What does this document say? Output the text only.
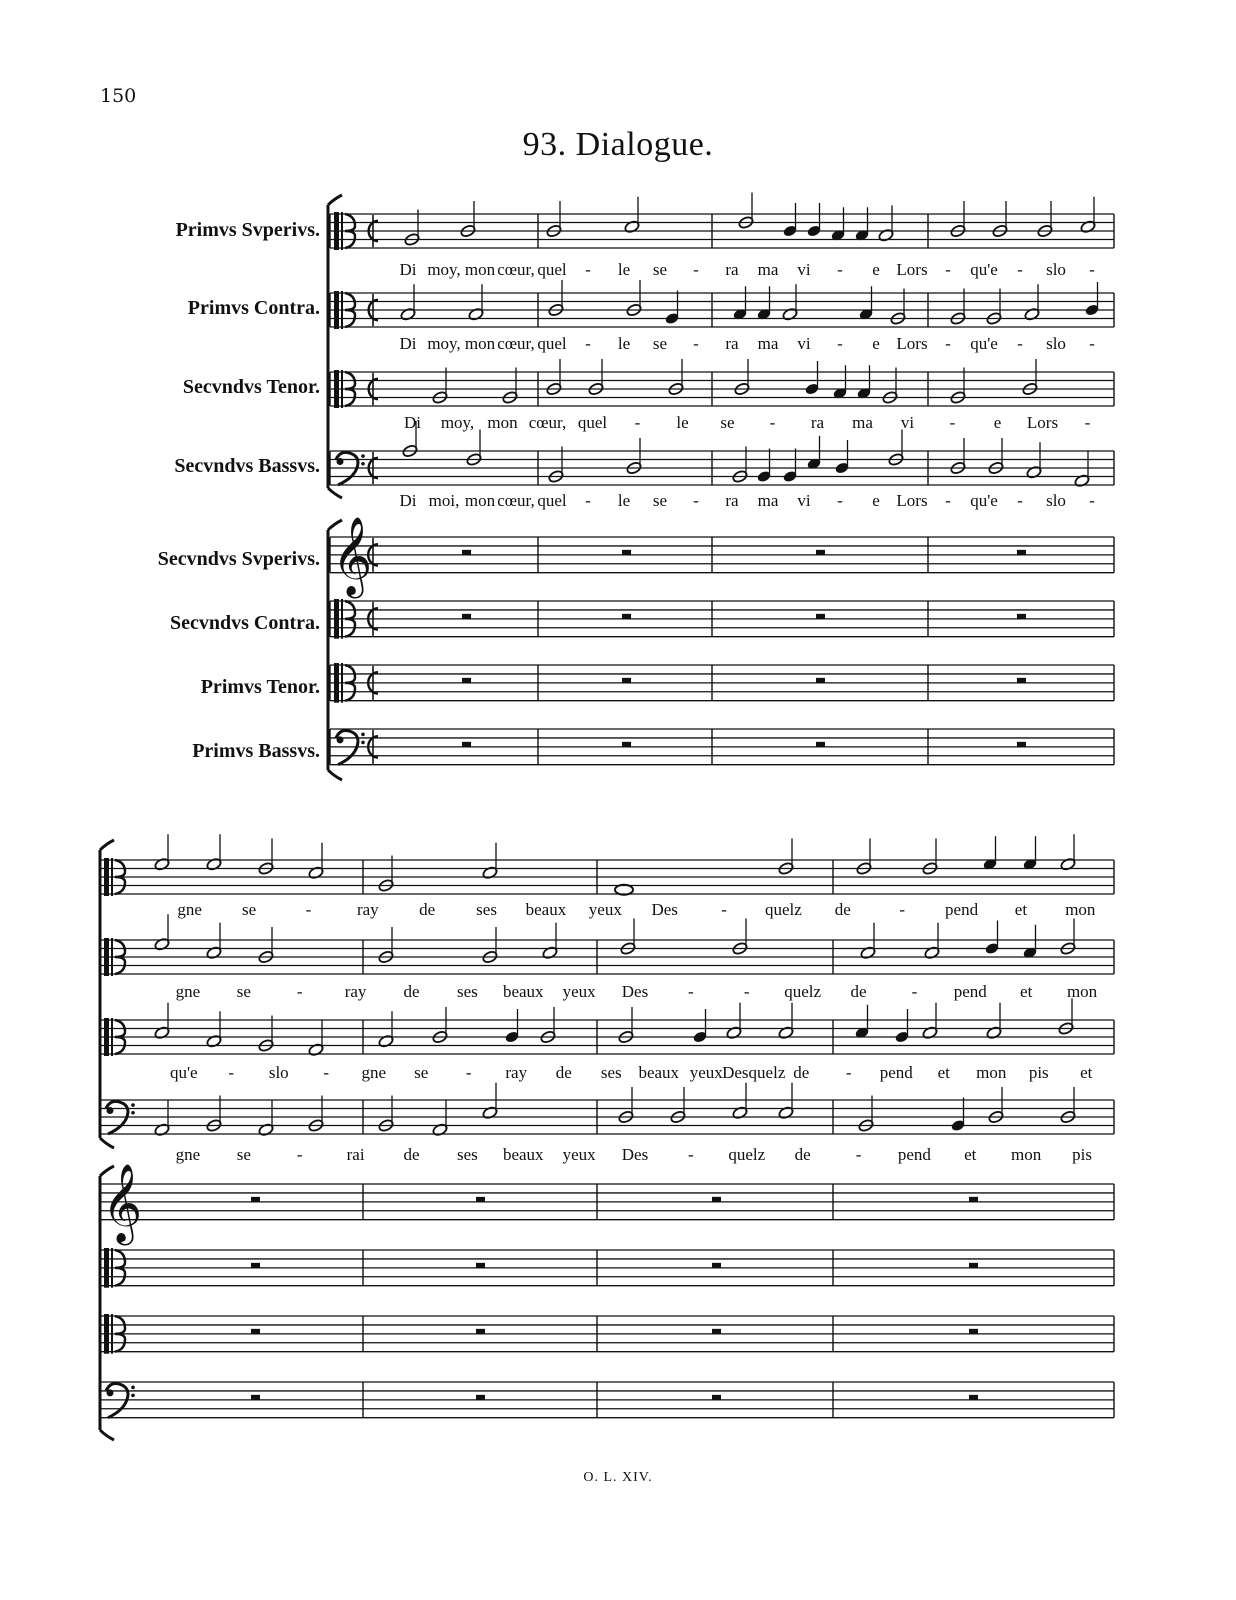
150
93. Dialogue.
Primvs Svperivs.
Primvs Contra.
Secvndvs Tenor.
Secvndvs Bassvs.
Secvndvs Svperivs.
Secvndvs Contra.
Primvs Tenor.
Primvs Bassvs.
𝄞
𝄞
Di moy, mon cœur, quel - le se - ra ma vi - e Lors - qu'e - slo -
Di moy, mon cœur, quel - le se - ra ma vi - e Lors - qu'e - slo -
Di moy, mon cœur, quel - le se - ra ma vi - e Lors -
Di moi, mon cœur, quel - le se - ra ma vi - e Lors - qu'e - slo -
gne se	-	ray de ses beaux yeux Des	- quelz de	- pend et mon
gne se	- ray de ses beaux yeux Des -	- quelz de	- pend et mon
qu'e - slo - gne se - ray de ses beaux yeux Desquelz de - pend et mon pis et
gne se	-	rai de ses beaux yeux Des - quelz de	- pend et mon pis
O. L. XIV.
